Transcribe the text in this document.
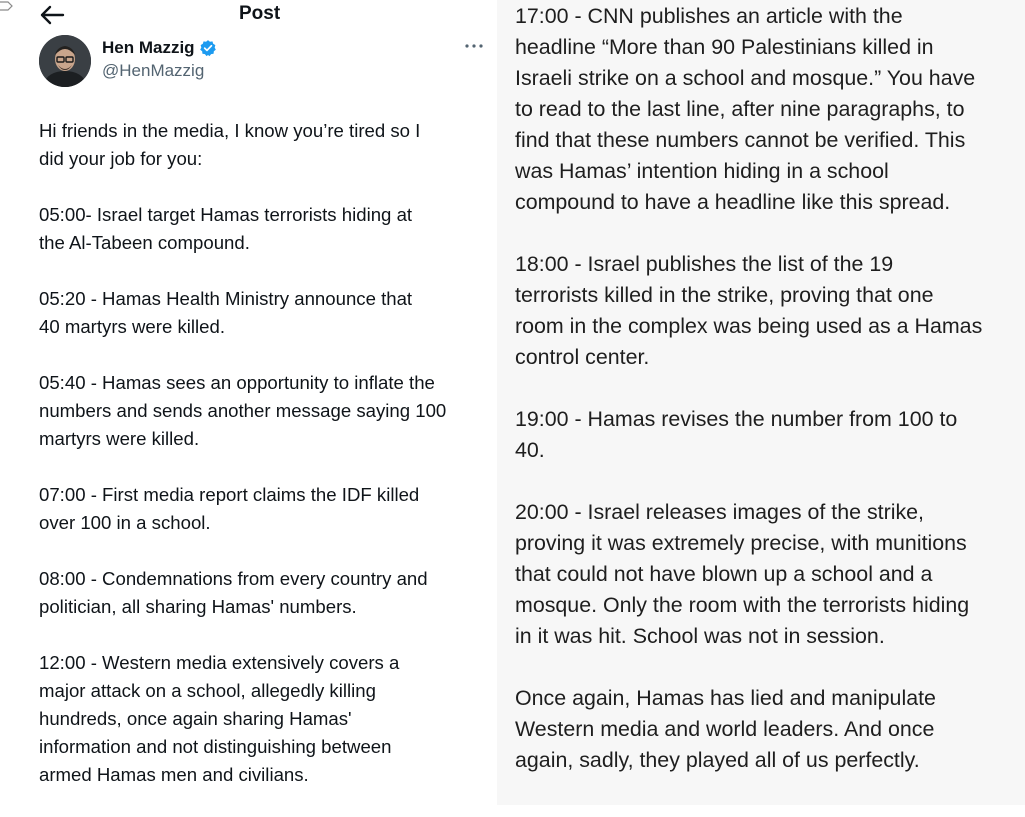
Post
Hen Mazzig
@HenMazzig

Hi friends in the media, I know you’re tired so I
did your job for you:

05:00- Israel target Hamas terrorists hiding at
the Al-Tabeen compound.

05:20 - Hamas Health Ministry announce that
40 martyrs were killed.

05:40 - Hamas sees an opportunity to inflate the
numbers and sends another message saying 100
martyrs were killed.

07:00 - First media report claims the IDF killed
over 100 in a school.

08:00 - Condemnations from every country and
politician, all sharing Hamas' numbers.

12:00 - Western media extensively covers a
major attack on a school, allegedly killing
hundreds, once again sharing Hamas'
information and not distinguishing between
armed Hamas men and civilians.

17:00 - CNN publishes an article with the
headline “More than 90 Palestinians killed in
Israeli strike on a school and mosque.” You have
to read to the last line, after nine paragraphs, to
find that these numbers cannot be verified. This
was Hamas’ intention hiding in a school
compound to have a headline like this spread.

18:00 - Israel publishes the list of the 19
terrorists killed in the strike, proving that one
room in the complex was being used as a Hamas
control center.

19:00 - Hamas revises the number from 100 to
40.

20:00 - Israel releases images of the strike,
proving it was extremely precise, with munitions
that could not have blown up a school and a
mosque. Only the room with the terrorists hiding
in it was hit. School was not in session.

Once again, Hamas has lied and manipulate
Western media and world leaders. And once
again, sadly, they played all of us perfectly.
